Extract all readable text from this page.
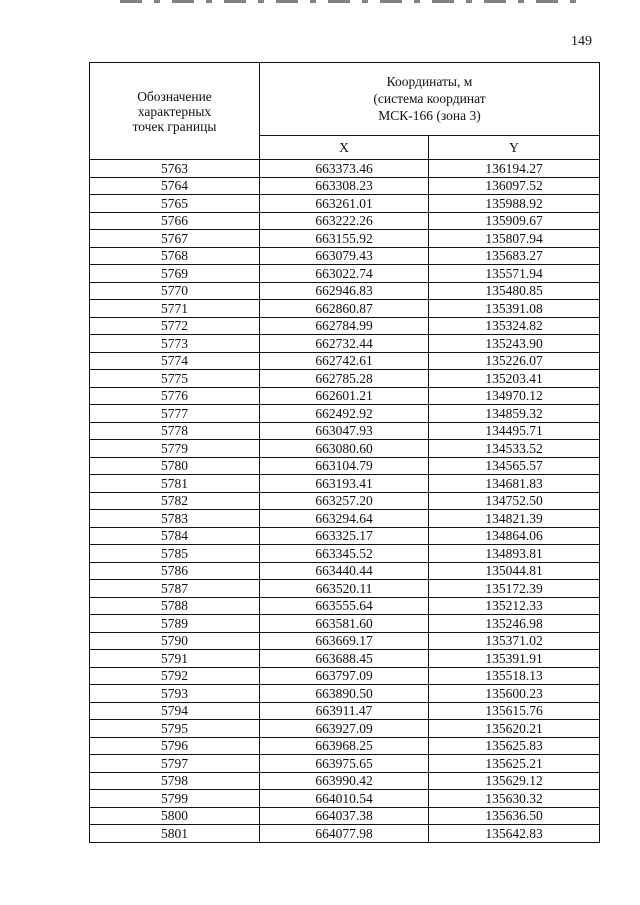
149
Обозначение
характерных
точек границы	Координаты, м
(система координат
МСК-166 (зона 3)	

	X	Y
5763	663373.46	136194.27
5764	663308.23	136097.52
5765	663261.01	135988.92
5766	663222.26	135909.67
5767	663155.92	135807.94
5768	663079.43	135683.27
5769	663022.74	135571.94
5770	662946.83	135480.85
5771	662860.87	135391.08
5772	662784.99	135324.82
5773	662732.44	135243.90
5774	662742.61	135226.07
5775	662785.28	135203.41
5776	662601.21	134970.12
5777	662492.92	134859.32
5778	663047.93	134495.71
5779	663080.60	134533.52
5780	663104.79	134565.57
5781	663193.41	134681.83
5782	663257.20	134752.50
5783	663294.64	134821.39
5784	663325.17	134864.06
5785	663345.52	134893.81
5786	663440.44	135044.81
5787	663520.11	135172.39
5788	663555.64	135212.33
5789	663581.60	135246.98
5790	663669.17	135371.02
5791	663688.45	135391.91
5792	663797.09	135518.13
5793	663890.50	135600.23
5794	663911.47	135615.76
5795	663927.09	135620.21
5796	663968.25	135625.83
5797	663975.65	135625.21
5798	663990.42	135629.12
5799	664010.54	135630.32
5800	664037.38	135636.50
5801	664077.98	135642.83
